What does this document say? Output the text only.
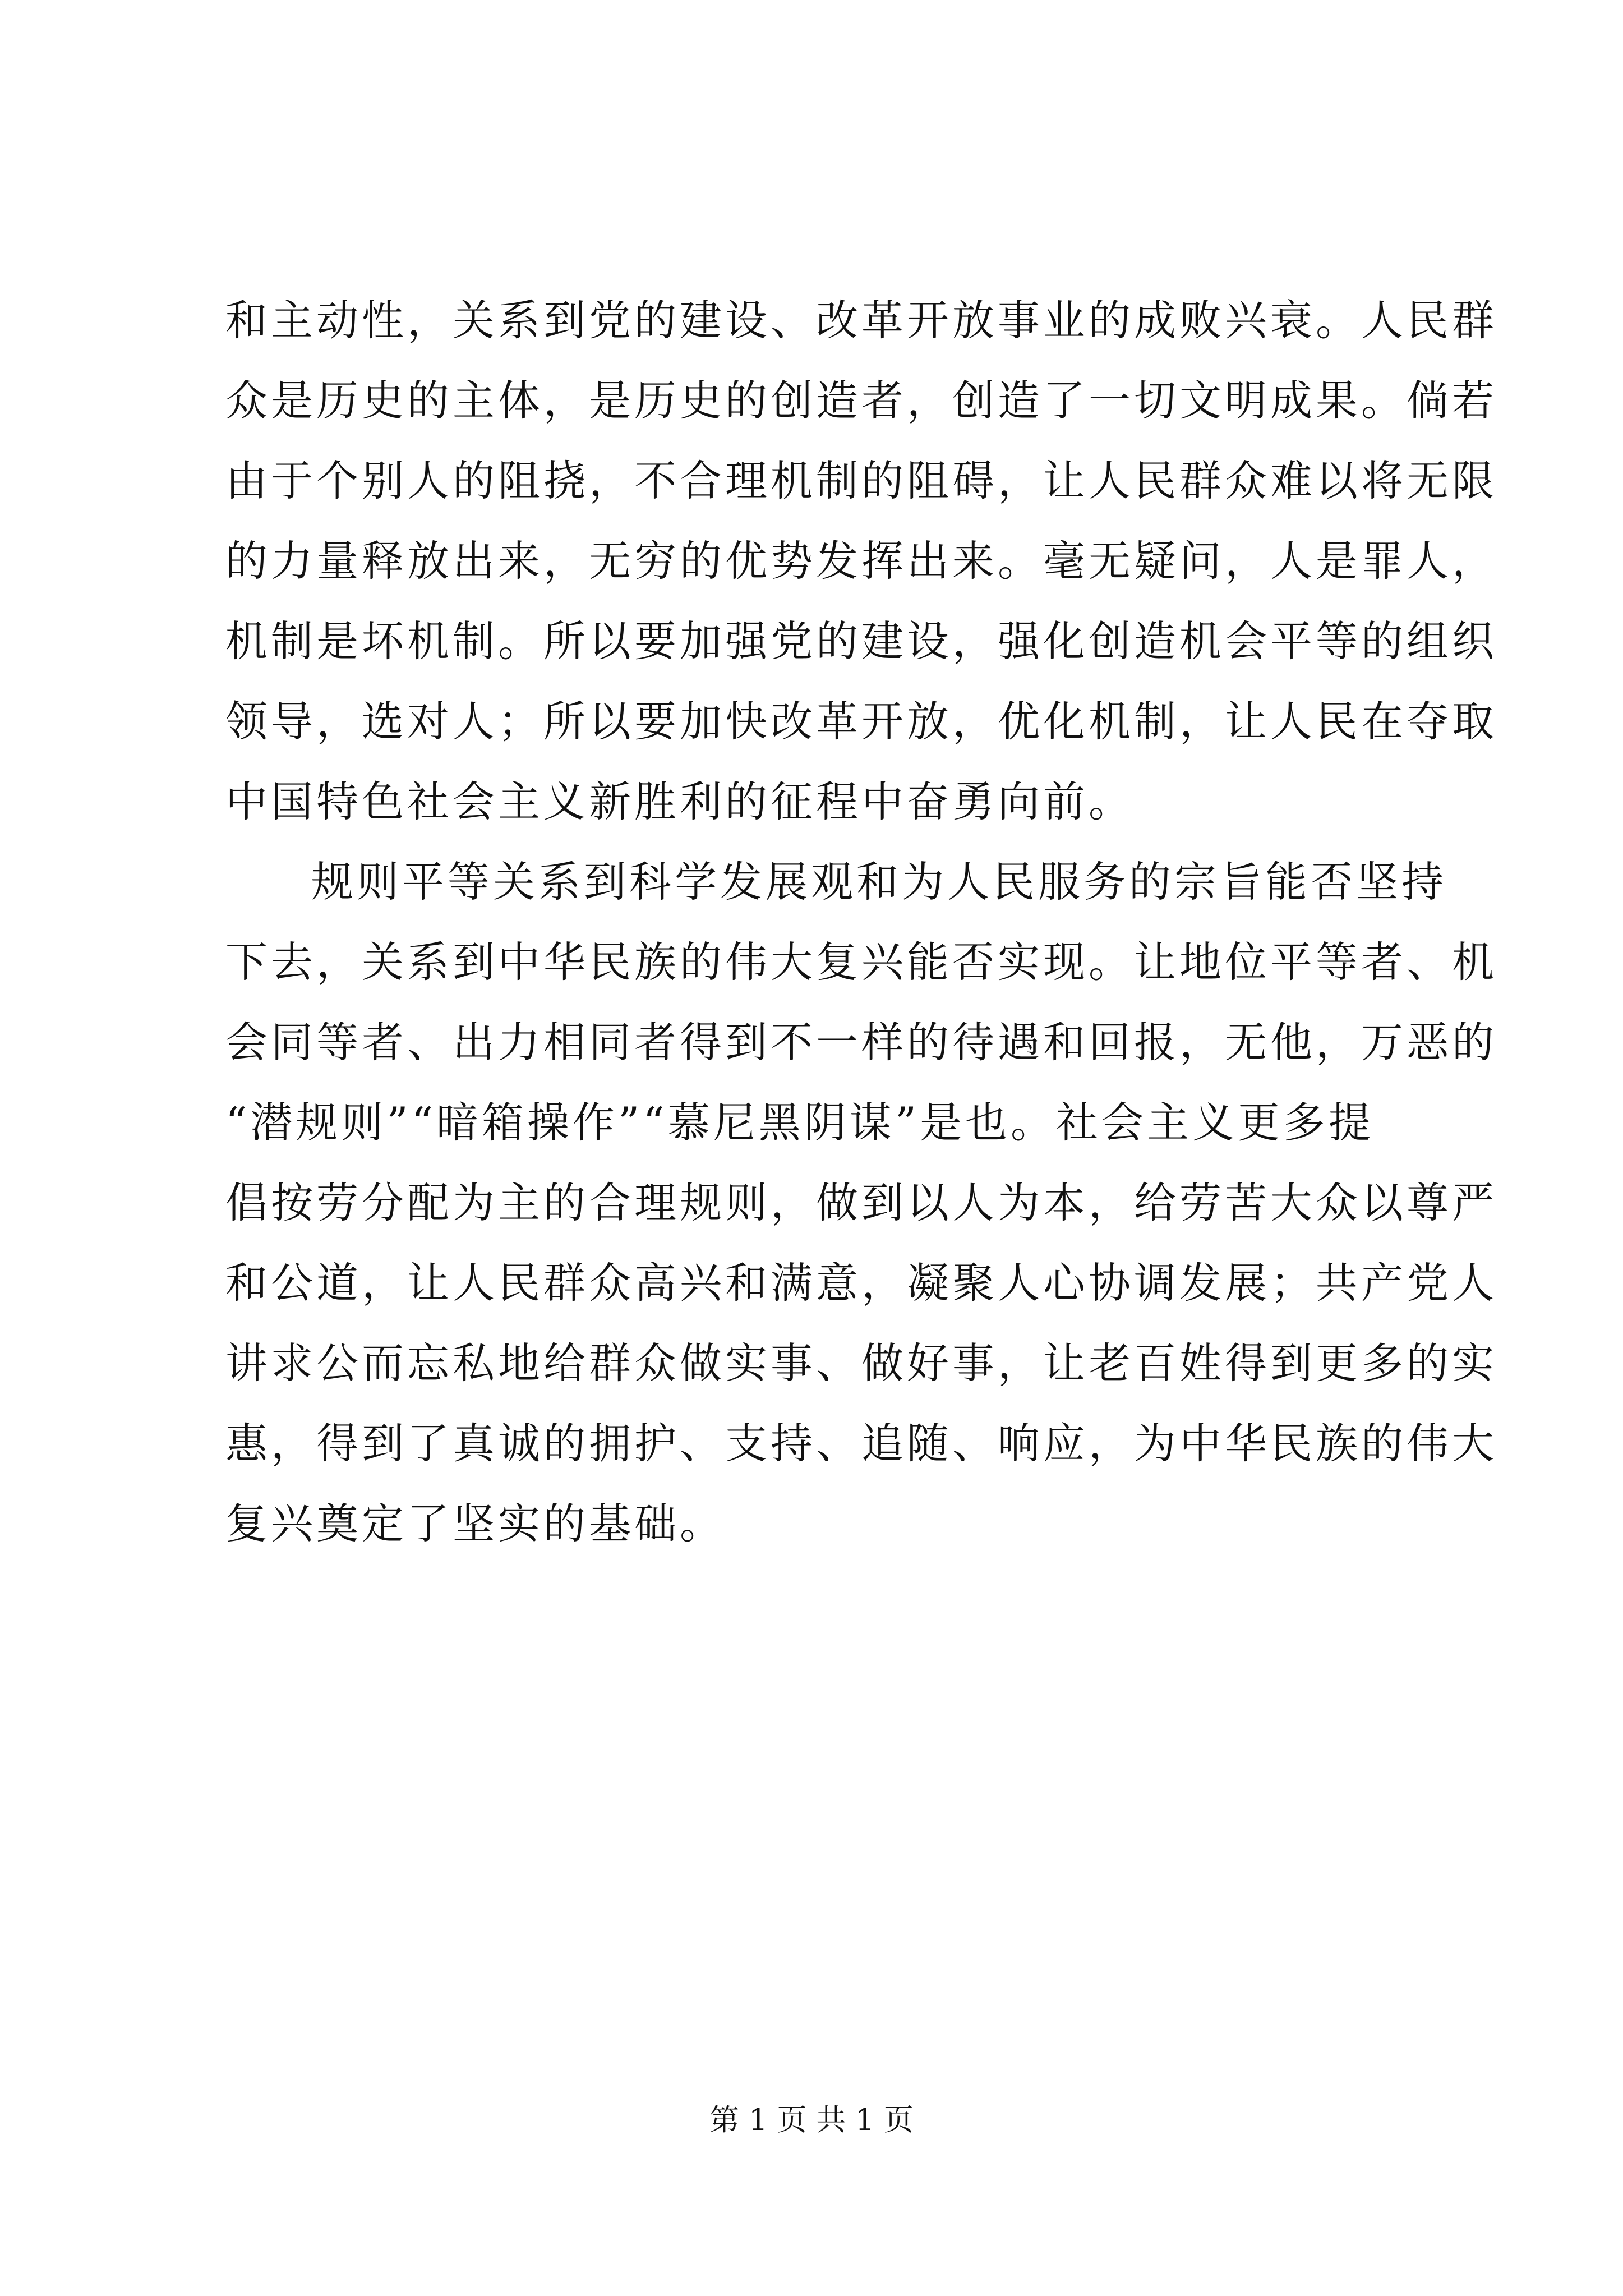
和主动性，关系到党的建设、改革开放事业的成败兴衰。人民群
众是历史的主体，是历史的创造者，创造了一切文明成果。倘若
由于个别人的阻挠，不合理机制的阻碍，让人民群众难以将无限
的力量释放出来，无穷的优势发挥出来。毫无疑问，人是罪人，
机制是坏机制。所以要加强党的建设，强化创造机会平等的组织
领导，选对人；所以要加快改革开放，优化机制，让人民在夺取
中国特色社会主义新胜利的征程中奋勇向前。
规则平等关系到科学发展观和为人民服务的宗旨能否坚持
下去，关系到中华民族的伟大复兴能否实现。让地位平等者、机
会同等者、出力相同者得到不一样的待遇和回报，无他，万恶的
“潜规则”“暗箱操作”“慕尼黑阴谋”是也。社会主义更多提
倡按劳分配为主的合理规则，做到以人为本，给劳苦大众以尊严
和公道，让人民群众高兴和满意，凝聚人心协调发展；共产党人
讲求公而忘私地给群众做实事、做好事，让老百姓得到更多的实
惠，得到了真诚的拥护、支持、追随、响应，为中华民族的伟大
复兴奠定了坚实的基础。
第 1 页 共 1 页
